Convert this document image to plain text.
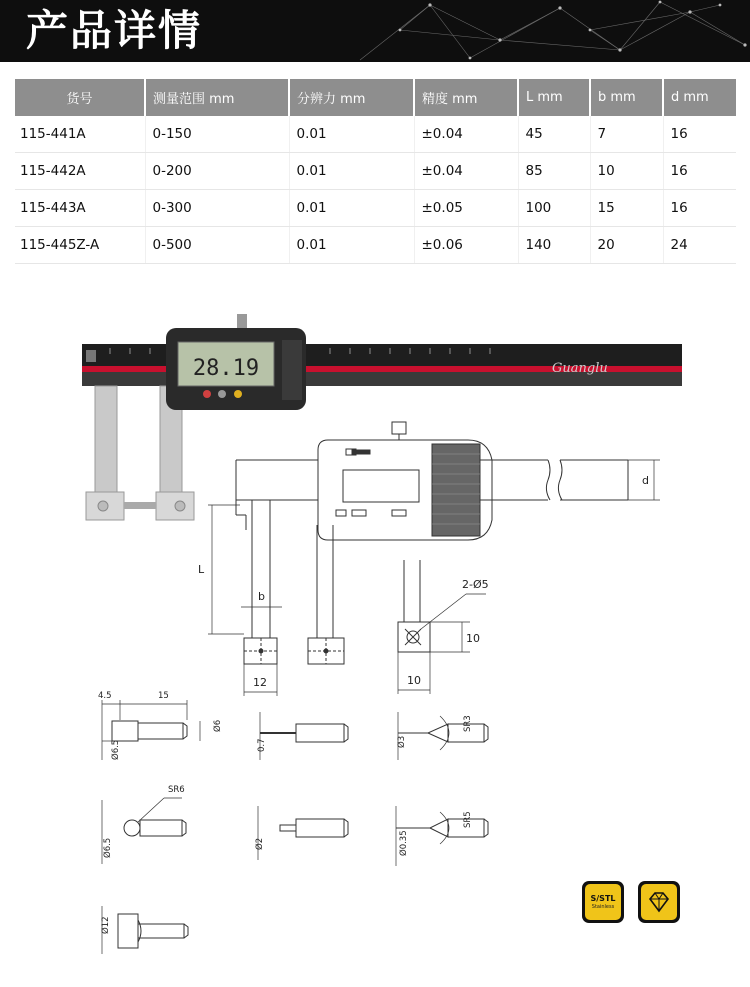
产品详情
货号	测量范围 mm	分辨力 mm	精度 mm	L mm	b mm	d mm
115-441A	0-150	0.01	±0.04	45	7	16
115-442A	0-200	0.01	±0.04	85	10	16
115-443A	0-300	0.01	±0.05	100	15	16
115-445Z-A	0-500	0.01	±0.06	140	20	24
Guanglu
28.19
d
L
b
12
10
10
2-Ø5
4.5	15
Ø6.5
Ø6
0.7	Ø3
SR3
SR6
Ø6.5	Ø2	Ø0.35
SR5
Ø12
S/STL
Stainless
